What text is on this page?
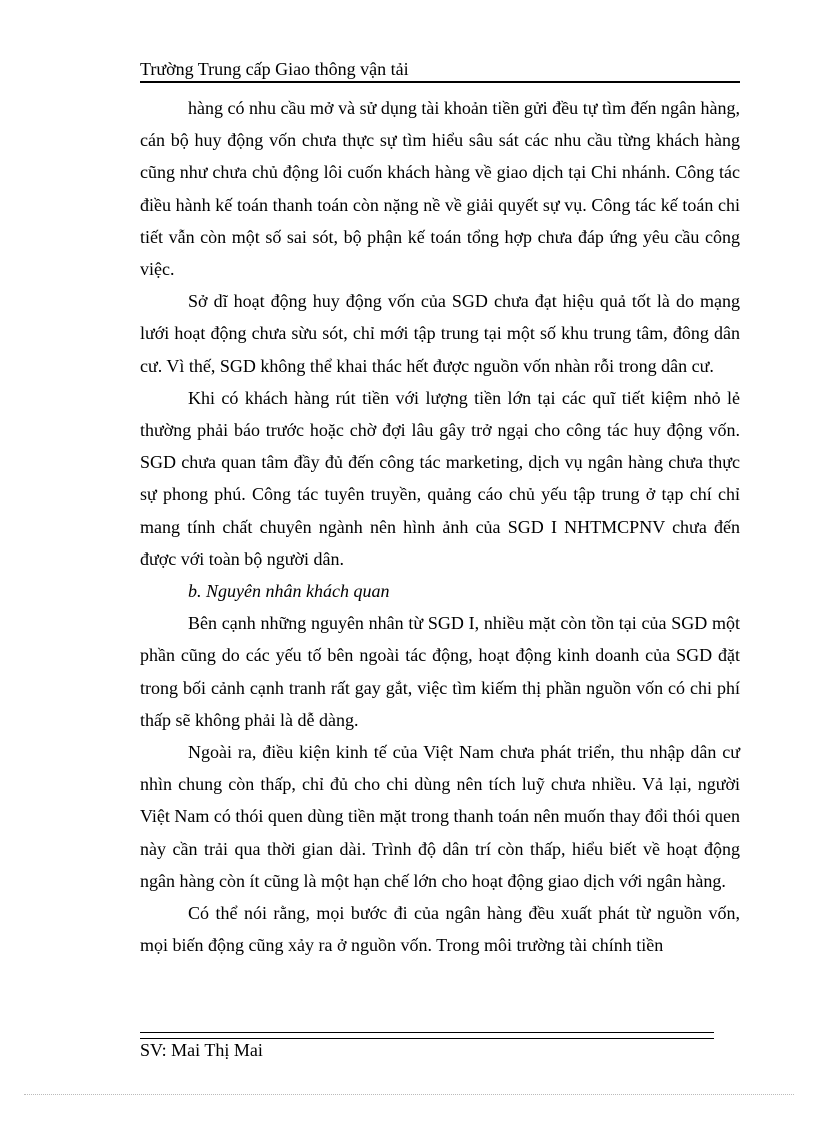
Trường Trung cấp Giao thông vận tải

hàng có nhu cầu mở và sử dụng tài khoản tiền gửi đều tự tìm đến ngân hàng, cán bộ huy động vốn chưa thực sự tìm hiểu sâu sát các nhu cầu từng khách hàng cũng như chưa chủ động lôi cuốn khách hàng về giao dịch tại Chi nhánh. Công tác điều hành kế toán thanh toán còn nặng nề về giải quyết sự vụ. Công tác kế toán chi tiết vẫn còn một số sai sót, bộ phận kế toán tổng hợp chưa đáp ứng yêu cầu công việc.

Sở dĩ hoạt động huy động vốn của SGD chưa đạt hiệu quả tốt là do mạng lưới hoạt động chưa sừu sót, chỉ mới tập trung tại một số khu trung tâm, đông dân cư. Vì thế, SGD không thể khai thác hết được nguồn vốn nhàn rỗi trong dân cư.

Khi có khách hàng rút tiền với lượng tiền lớn tại các quĩ tiết kiệm nhỏ lẻ thường phải báo trước hoặc chờ đợi lâu gây trở ngại cho công tác huy động vốn. SGD chưa quan tâm đầy đủ đến công tác marketing, dịch vụ ngân hàng chưa thực sự phong phú. Công tác tuyên truyền, quảng cáo chủ yếu tập trung ở tạp chí chỉ mang tính chất chuyên ngành nên hình ảnh của SGD I NHTMCPNV chưa đến được với toàn bộ người dân.

b. Nguyên nhân khách quan

Bên cạnh những nguyên nhân từ SGD I, nhiều mặt còn tồn tại của SGD một phần cũng do các yếu tố bên ngoài tác động, hoạt động kinh doanh của SGD đặt trong bối cảnh cạnh tranh rất gay gắt, việc tìm kiếm thị phần nguồn vốn có chi phí thấp sẽ không phải là dễ dàng.

Ngoài ra, điều kiện kinh tế của Việt Nam chưa phát triển, thu nhập dân cư nhìn chung còn thấp, chỉ đủ cho chi dùng nên tích luỹ chưa nhiều. Vả lại, người Việt Nam có thói quen dùng tiền mặt trong thanh toán nên muốn thay đổi thói quen này cần trải qua thời gian dài. Trình độ dân trí còn thấp, hiểu biết về hoạt động ngân hàng còn ít cũng là một hạn chế lớn cho hoạt động giao dịch với ngân hàng.

Có thể nói rằng, mọi bước đi của ngân hàng đều xuất phát từ nguồn vốn, mọi biến động cũng xảy ra ở nguồn vốn. Trong môi trường tài chính tiền

SV: Mai Thị Mai
